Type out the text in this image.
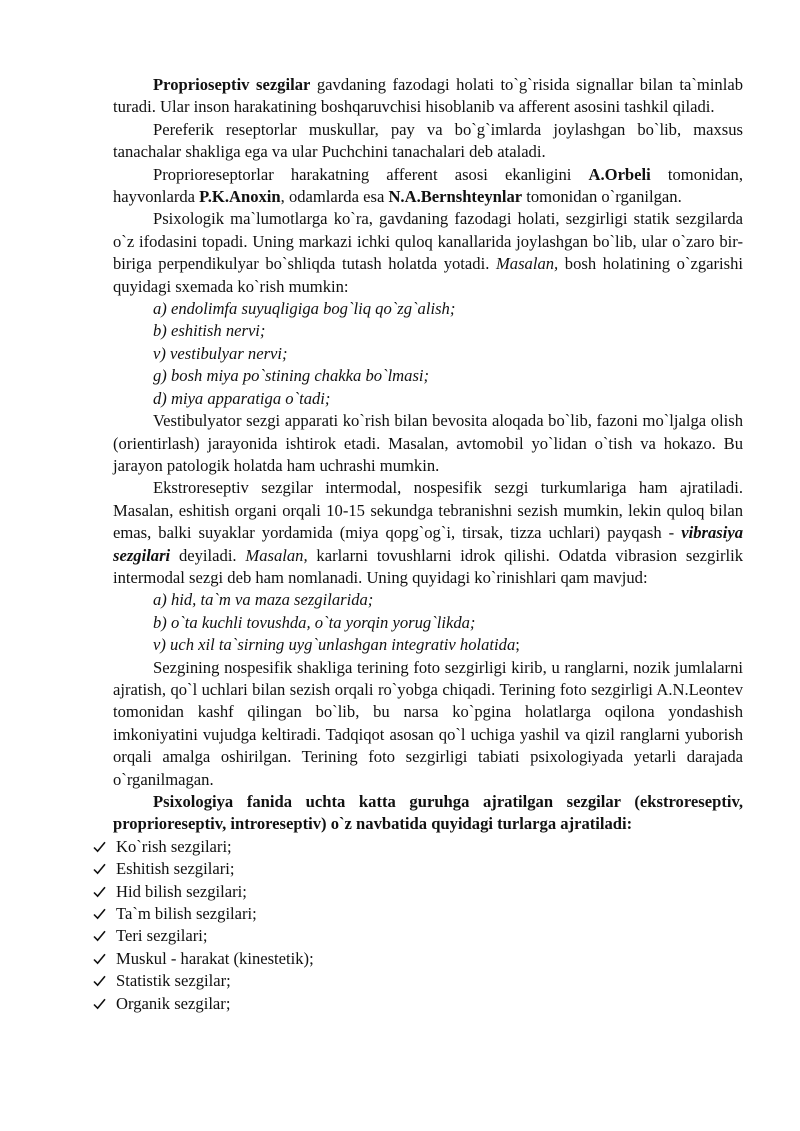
Proprioseptiv sezgilar gavdaning fazodagi holati to`g`risida signallar bilan ta`minlab turadi. Ular inson harakatining boshqaruvchisi hisoblanib va afferent asosini tashkil qiladi.

Pereferik reseptorlar muskullar, pay va bo`g`imlarda joylashgan bo`lib, maxsus tanachalar shakliga ega va ular Puchchini tanachalari deb ataladi.

Proprioreseptorlar harakatning afferent asosi ekanligini A.Orbeli tomonidan, hayvonlarda P.K.Anoxin, odamlarda esa N.A.Bernshteynlar tomonidan o`rganilgan.

Psixologik ma`lumotlarga ko`ra, gavdaning fazodagi holati, sezgirligi statik sezgilarda o`z ifodasini topadi. Uning markazi ichki quloq kanallarida joylashgan bo`lib, ular o`zaro bir-biriga perpendikulyar bo`shliqda tutash holatda yotadi. Masalan, bosh holatining o`zgarishi quyidagi sxemada ko`rish mumkin:

a) endolimfa suyuqligiga bog`liq qo`zg`alish;

b) eshitish nervi;

v) vestibulyar nervi;

g) bosh miya po`stining chakka bo`lmasi;

d) miya apparatiga o`tadi;

Vestibulyator sezgi apparati ko`rish bilan bevosita aloqada bo`lib, fazoni mo`ljalga olish (orientirlash) jarayonida ishtirok etadi. Masalan, avtomobil yo`lidan o`tish va hokazo. Bu jarayon patologik holatda ham uchrashi mumkin.

Ekstroreseptiv sezgilar intermodal, nospesifik sezgi turkumlariga ham ajratiladi. Masalan, eshitish organi orqali 10-15 sekundga tebranishni sezish mumkin, lekin quloq bilan emas, balki suyaklar yordamida (miya qopg`og`i, tirsak, tizza uchlari) payqash - vibrasiya sezgilari deyiladi. Masalan, karlarni tovushlarni idrok qilishi. Odatda vibrasion sezgirlik intermodal sezgi deb ham nomlanadi. Uning quyidagi ko`rinishlari qam mavjud:

a) hid, ta`m va maza sezgilarida;

b) o`ta kuchli tovushda, o`ta yorqin yorug`likda;

v) uch xil ta`sirning uyg`unlashgan integrativ holatida;

Sezgining nospesifik shakliga terining foto sezgirligi kirib, u ranglarni, nozik jumlalarni ajratish, qo`l uchlari bilan sezish orqali ro`yobga chiqadi. Terining foto sezgirligi A.N.Leontev tomonidan kashf qilingan bo`lib, bu narsa ko`pgina holatlarga oqilona yondashish imkoniyatini vujudga keltiradi. Tadqiqot asosan qo`l uchiga yashil va qizil ranglarni yuborish orqali amalga oshirilgan. Terining foto sezgirligi tabiati psixologiyada yetarli darajada o`rganilmagan.

Psixologiya fanida uchta katta guruhga ajratilgan sezgilar (ekstroreseptiv, proprioreseptiv, introreseptiv) o`z navbatida quyidagi turlarga ajratiladi:

Ko`rish sezgilari;
Eshitish sezgilari;
Hid bilish sezgilari;
Ta`m bilish sezgilari;
Teri sezgilari;
Muskul - harakat (kinestetik);
Statistik sezgilar;
Organik sezgilar;
